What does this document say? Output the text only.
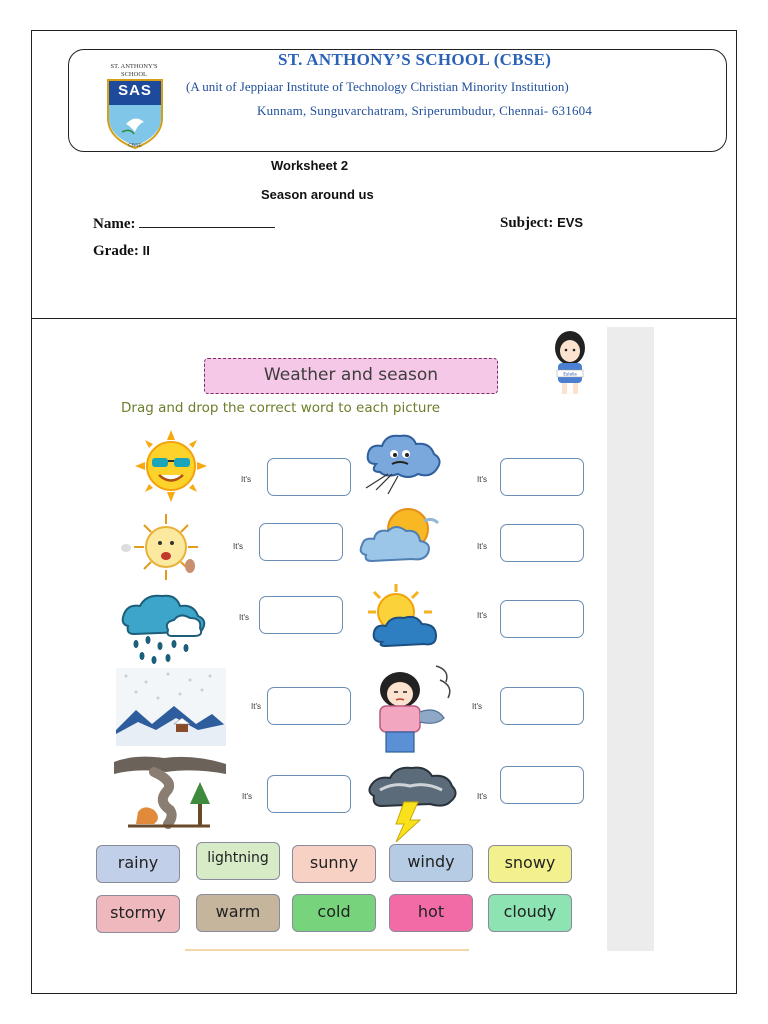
ST. ANTHONY'S
SCHOOL
SAS
CBSE
ST. ANTHONY’S SCHOOL (CBSE)
(A unit of Jeppiaar Institute of Technology Christian Minority Institution)
Kunnam, Sunguvarchatram, Sriperumbudur, Chennai- 631604
Worksheet 2
Season around us
Name:	Subject: EVS
Grade: II
Eulalia
Weather and season
Drag and drop the correct word to each picture
It's	It's
It's	It's
It's	It's
It's	It's
It's	It's
rainy	lightning	sunny	windy	snowy
stormy	warm	cold	hot	cloudy
